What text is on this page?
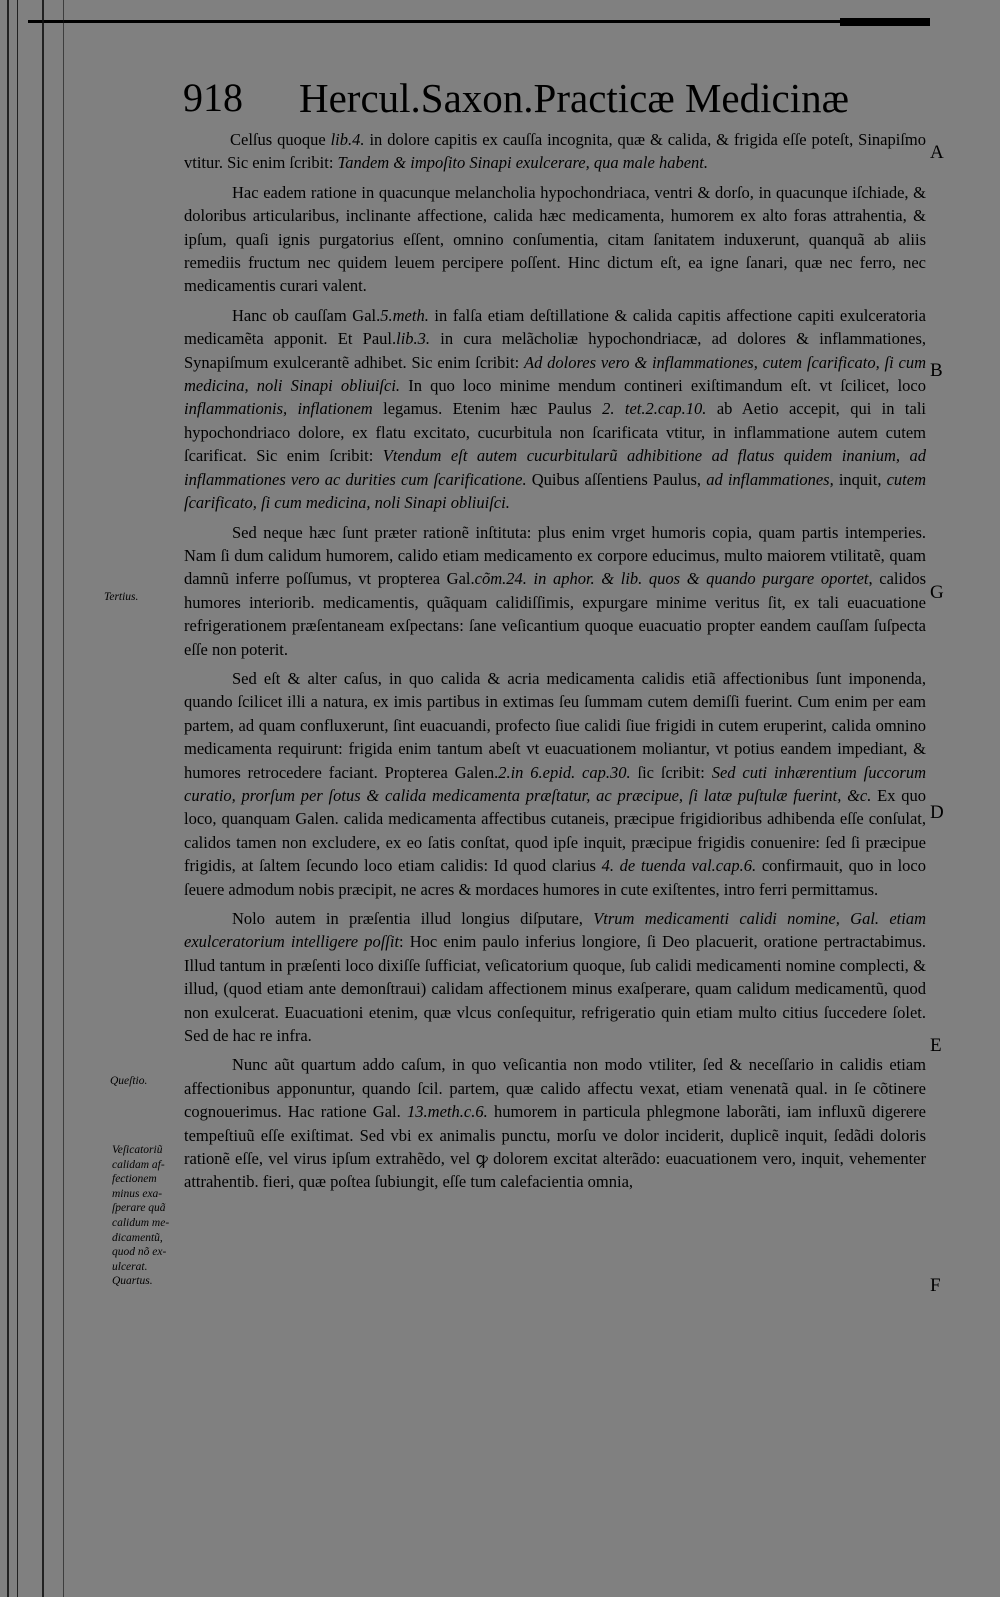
918 Hercul.Saxon.Practicæ Medicinæ

Celſus quoque lib.4. in dolore capitis ex cauſſa incognita, quæ & calida, & frigida eſſe poteſt, Sinapiſmo vtitur. Sic enim ſcribit: Tandem & impoſito Sinapi exulcerare, qua male habent.

Hac eadem ratione in quacunque melancholia hypochondriaca, ventri & dorſo, in quacunque iſchiade, & doloribus articularibus, inclinante affectione, calida hæc medicamenta, humorem ex alto foras attrahentia, & ipſum, quaſi ignis purgatorius eſſent, omnino conſumentia, citam ſanitatem induxerunt, quanquã ab aliis remediis fructum nec quidem leuem percipere poſſent. Hinc dictum eſt, ea igne ſanari, quæ nec ferro, nec medicamentis curari valent.

Hanc ob cauſſam Gal.5.meth. in falſa etiam deſtillatione & calida capitis affectione capiti exulceratoria medicamẽta apponit. Et Paul.lib.3. in cura melãcholiæ hypochondriacæ, ad dolores & inflammationes, Synapiſmum exulcerantẽ adhibet. Sic enim ſcribit: Ad dolores vero & inflammationes, cutem ſcarificato, ſi cum medicina, noli Sinapi obliuiſci. In quo loco minime mendum contineri exiſtimandum eſt. vt ſcilicet, loco inflammationis, inflationem legamus. Etenim hæc Paulus 2. tet.2.cap.10. ab Aetio accepit, qui in tali hypochondriaco dolore, ex flatu excitato, cucurbitula non ſcarificata vtitur, in inflammatione autem cutem ſcarificat. Sic enim ſcribit: Vtendum eſt autem cucurbitularũ adhibitione ad flatus quidem inanium, ad inflammationes vero ac durities cum ſcarificatione. Quibus aſſentiens Paulus, ad inflammationes, inquit, cutem ſcarificato, ſi cum medicina, noli Sinapi obliuiſci.

Sed neque hæc ſunt præter rationẽ inſtituta: plus enim vrget humoris copia, quam partis intemperies. Nam ſi dum calidum humorem, calido etiam medicamento ex corpore educimus, multo maiorem vtilitatẽ, quam damnũ inferre poſſumus, vt propterea Gal.cõm.24. in aphor. & lib. quos & quando purgare oportet, calidos humores interiorib. medicamentis, quãquam calidiſſimis, expurgare minime veritus ſit, ex tali euacuatione refrigerationem præſentaneam exſpectans: ſane veſicantium quoque euacuatio propter eandem cauſſam ſuſpecta eſſe non poterit.

Sed eſt & alter caſus, in quo calida & acria medicamenta calidis etiã affectionibus ſunt imponenda, quando ſcilicet illi a natura, ex imis partibus in extimas ſeu ſummam cutem demiſſi fuerint. Cum enim per eam partem, ad quam confluxerunt, ſint euacuandi, profecto ſiue calidi ſiue frigidi in cutem eruperint, calida omnino medicamenta requirunt: frigida enim tantum abeſt vt euacuationem moliantur, vt potius eandem impediant, & humores retrocedere faciant. Propterea Galen.2.in 6.epid. cap.30. ſic ſcribit: Sed cuti inhærentium ſuccorum curatio, prorſum per ſotus & calida medicamenta præſtatur, ac præcipue, ſi latæ puſtulæ fuerint, &c. Ex quo loco, quanquam Galen. calida medicamenta affectibus cutaneis, præcipue frigidioribus adhibenda eſſe conſulat, calidos tamen non excludere, ex eo ſatis conſtat, quod ipſe inquit, præcipue frigidis conuenire: ſed ſi præcipue frigidis, at ſaltem ſecundo loco etiam calidis: Id quod clarius 4. de tuenda val.cap.6. confirmauit, quo in loco ſeuere admodum nobis præcipit, ne acres & mordaces humores in cute exiſtentes, intro ferri permittamus.

Nolo autem in præſentia illud longius diſputare, Vtrum medicamenti calidi nomine, Gal. etiam exulceratorium intelligere poſſit: Hoc enim paulo inferius longiore, ſi Deo placuerit, oratione pertractabimus. Illud tantum in præſenti loco dixiſſe ſufficiat, veſicatorium quoque, ſub calidi medicamenti nomine complecti, & illud, (quod etiam ante demonſtraui) calidam affectionem minus exaſperare, quam calidum medicamentũ, quod non exulcerat. Euacuationi etenim, quæ vlcus conſequitur, refrigeratio quin etiam multo citius ſuccedere ſolet. Sed de hac re infra.

Nunc aũt quartum addo caſum, in quo veſicantia non modo vtiliter, ſed & neceſſario in calidis etiam affectionibus apponuntur, quando ſcil. partem, quæ calido affectu vexat, etiam venenatã qual. in ſe cõtinere cognouerimus. Hac ratione Gal. 13.meth.c.6. humorem in particula phlegmone laborãti, iam influxũ digerere tempeſtiuũ eſſe exiſtimat. Sed vbi ex animalis punctu, morſu ve dolor inciderit, duplicẽ inquit, ſedãdi doloris rationẽ eſſe, vel virus ipſum extrahẽdo, vel ꝙ dolorem excitat alterãdo: euacuationem vero, inquit, vehementer attrahentib. fieri, quæ poſtea ſubiungit, eſſe tum calefacientia omnia,

A
B
G
D
E
F
Tertius.
Queſtio.
Veſicatoriũ calidam af-
fectionem
minus exa-
ſperare quã
calidum me-
dicamentũ,
quod nõ ex-
ulcerat.
Quartus.
